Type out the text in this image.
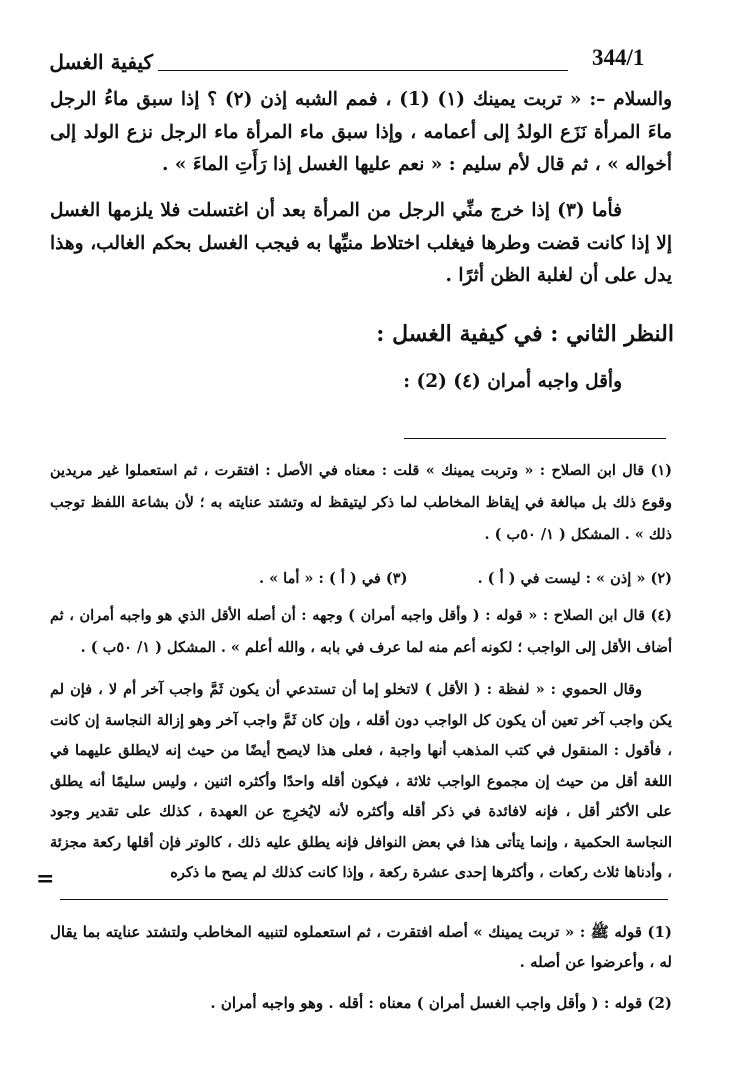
كيفية الغسل	344/1
والسلام –: « تربت يمينك (١) (1) ، فمم الشبه إذن (٢) ؟ إذا سبق ماءُ الرجل ماءَ المرأة نَزَع الولدُ إلى أعمامه ، وإذا سبق ماء المرأة ماء الرجل نزع الولد إلى أخواله » ، ثم قال لأم سليم : « نعم عليها الغسل إذا رَأَتِ الماءَ » .
فأما (٣) إذا خرج منِّي الرجل من المرأة بعد أن اغتسلت فلا يلزمها الغسل إلا إذا كانت قضت وطرها فيغلب اختلاط منيِّها به فيجب الغسل بحكم الغالب، وهذا يدل على أن لغلبة الظن أثرًا .
النظر الثاني : في كيفية الغسل :
وأقل واجبه أمران (٤) (2) :
(١) قال ابن الصلاح : « وتربت يمينك » قلت : معناه في الأصل : افتقرت ، ثم استعملوا غير مريدين وقوع ذلك بل مبالغة في إيقاظ المخاطب لما ذكر ليتيقظ له وتشتد عنايته به ؛ لأن بشاعة اللفظ توجب ذلك » . المشكل ( ١/ ٥٠ب ) .
(٢) « إذن » : ليست في ( أ ) .  (٣) في ( أ ) : « أما » .
(٤) قال ابن الصلاح : « قوله : ( وأقل واجبه أمران ) وجهه : أن أصله الأقل الذي هو واجبه أمران ، ثم أضاف الأقل إلى الواجب ؛ لكونه أعم منه لما عرف في بابه ، والله أعلم » . المشكل ( ١/ ٥٠ب ) .
وقال الحموي : « لفظة : ( الأقل ) لاتخلو إما أن تستدعي أن يكون ثَمَّ واجب آخر أم لا ، فإن لم يكن واجب آخر تعين أن يكون كل الواجب دون أقله ، وإن كان ثَمَّ واجب آخر وهو إزالة النجاسة إن كانت ، فأقول : المنقول في كتب المذهب أنها واجبة ، فعلى هذا لايصح أيضًا من حيث إنه لايطلق عليهما في اللغة أقل من حيث إن مجموع الواجب ثلاثة ، فيكون أقله واحدًا وأكثره اثنين ، وليس سليمًا أنه يطلق على الأكثر أقل ، فإنه لافائدة في ذكر أقله وأكثره لأنه لايُخرِج عن العهدة ، كذلك على تقدير وجود النجاسة الحكمية ، وإنما يتأتى هذا في بعض النوافل فإنه يطلق عليه ذلك ، كالوتر فإن أقلها ركعة مجزئة ، وأدناها ثلاث ركعات ، وأكثرها إحدى عشرة ركعة ، وإذا كانت كذلك لم يصح ما ذكره
=
(1) قوله ﷺ : « تربت يمينك » أصله افتقرت ، ثم استعملوه لتنبيه المخاطب ولتشتد عنايته بما يقال له ، وأعرضوا عن أصله .
(2) قوله : ( وأقل واجب الغسل أمران ) معناه : أقله . وهو واجبه أمران .
